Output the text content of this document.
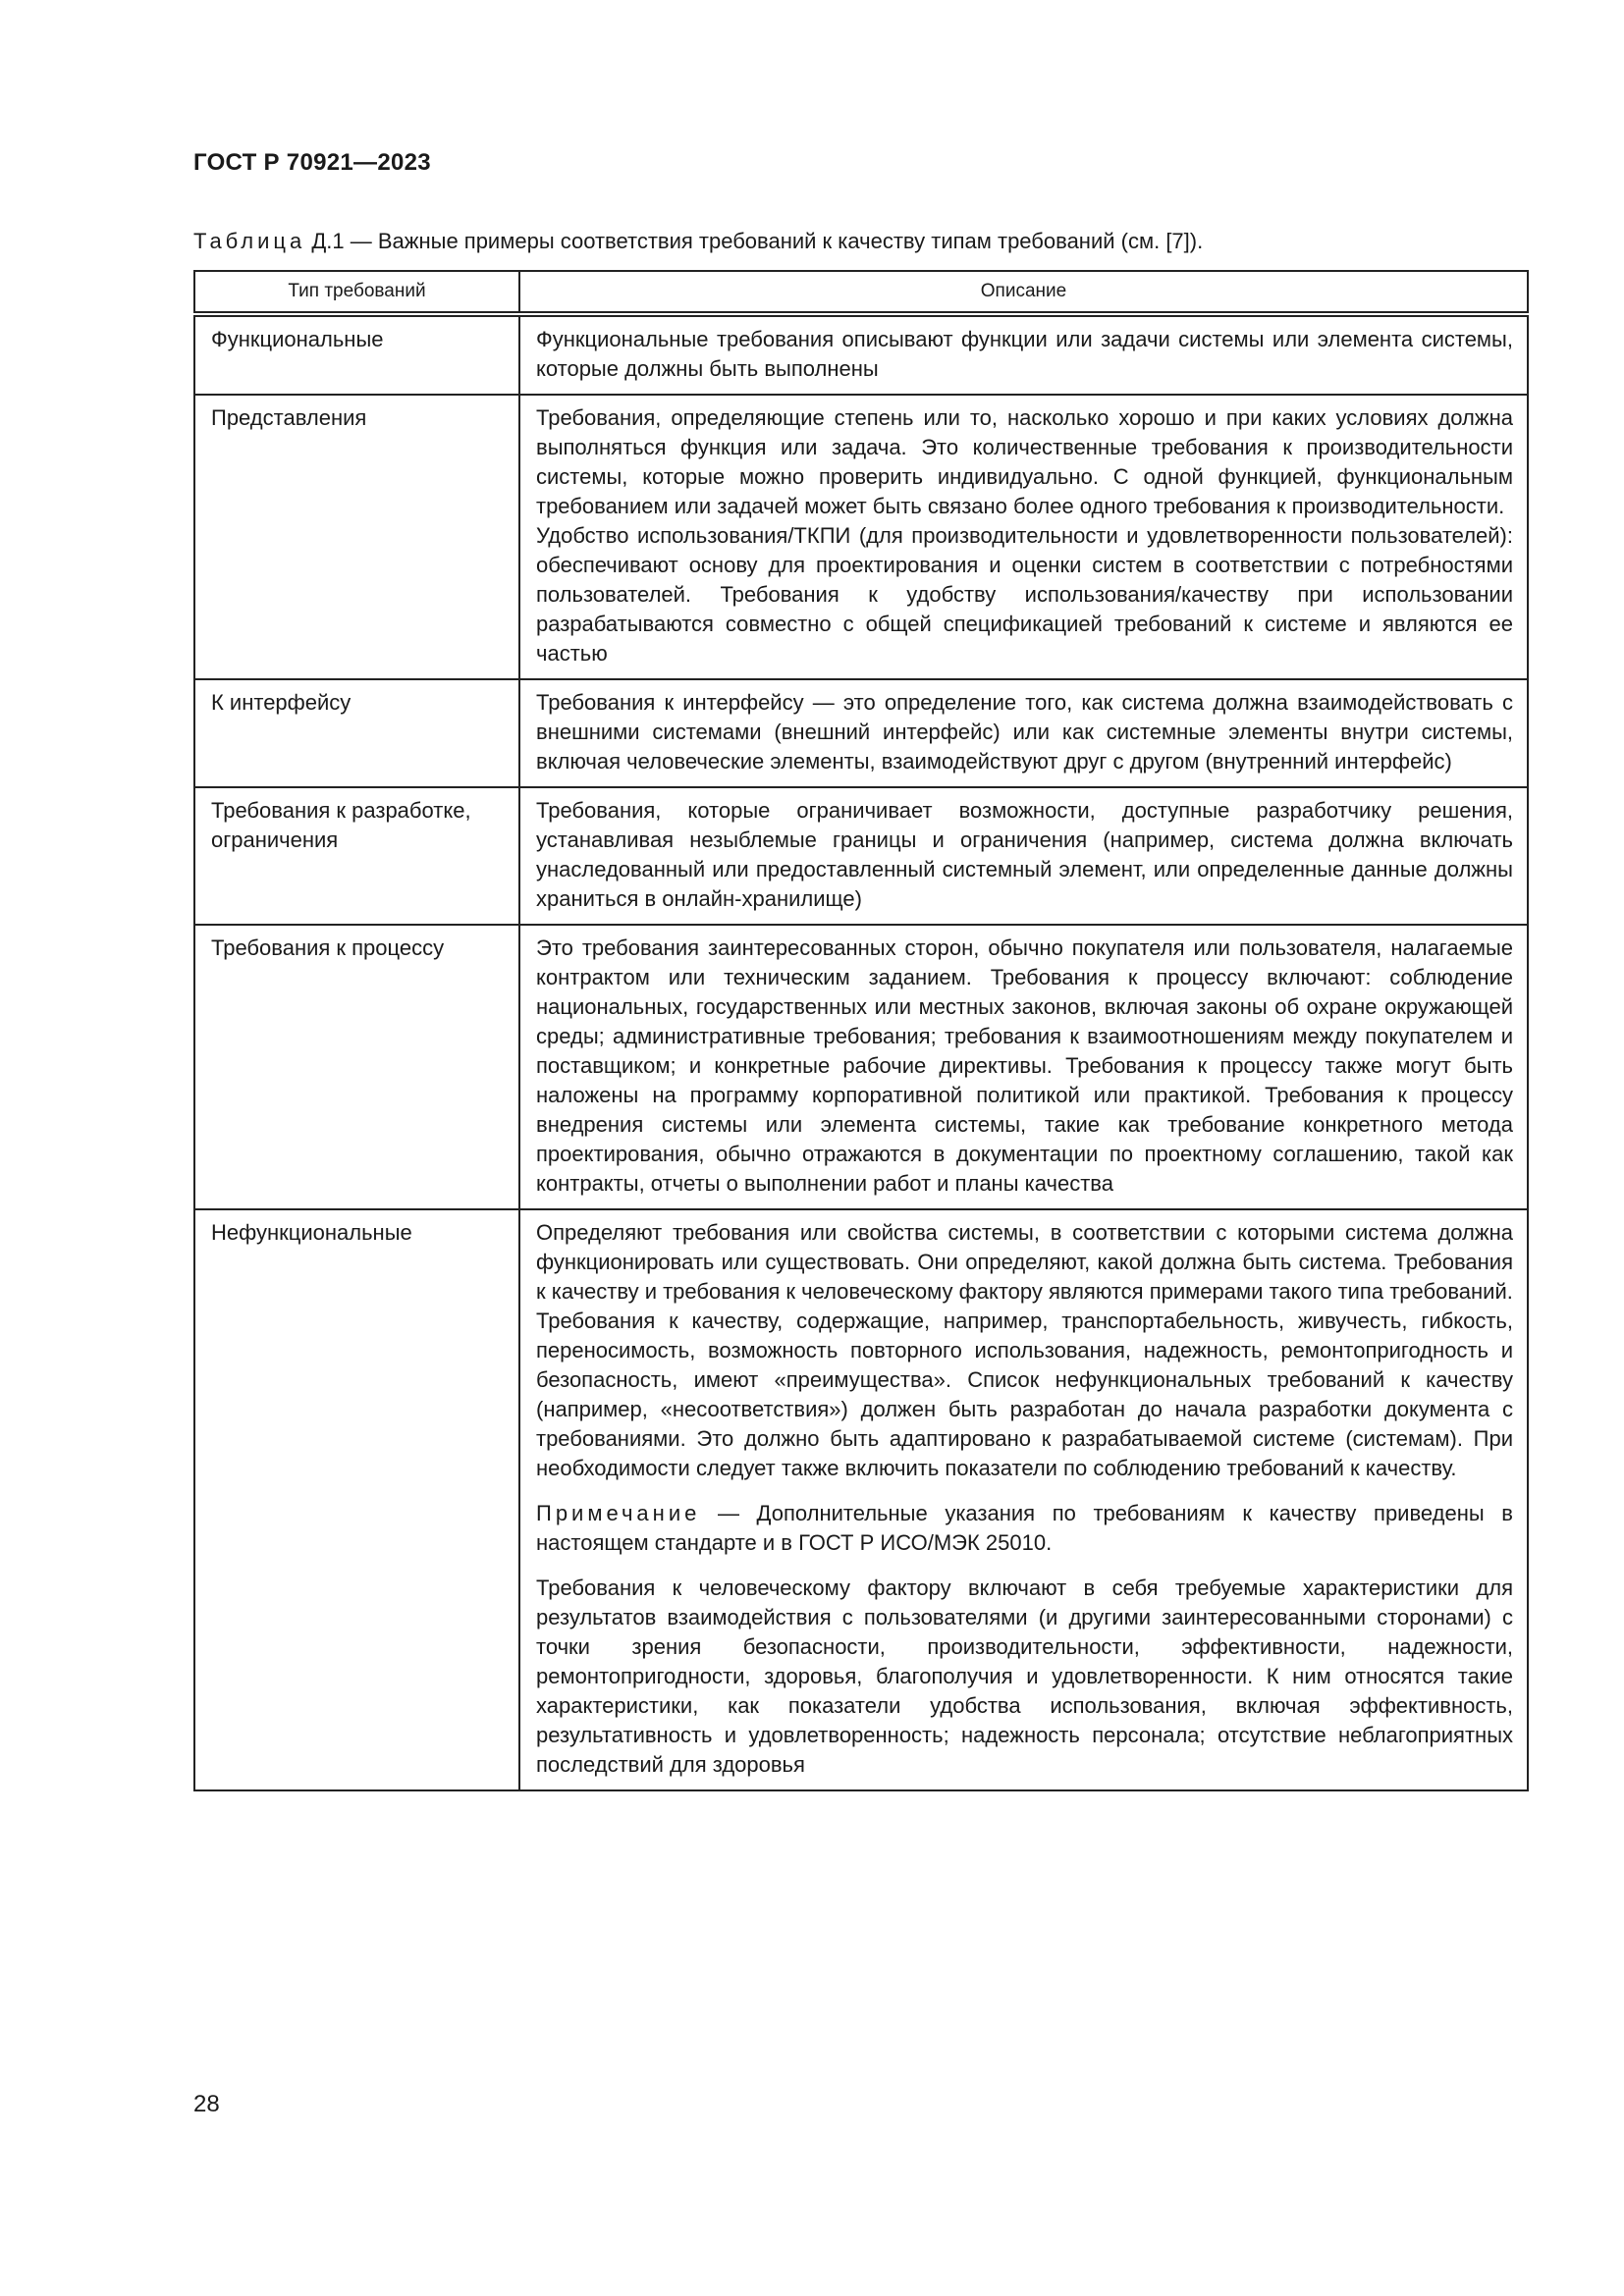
ГОСТ Р 70921—2023
Таблица Д.1 — Важные примеры соответствия требований к качеству типам требований (см. [7]).
Тип требований	Описание
Функциональные	Функциональные требования описывают функции или задачи системы или элемента системы, которые должны быть выполнены

Представления	Требования, определяющие степень или то, насколько хорошо и при каких условиях должна выполняться функция или задача. Это количественные требования к производительности системы, которые можно проверить индивидуально. С одной функцией, функциональным требованием или задачей может быть связано более одного требования к производительности.

Удобство использования/ТКПИ (для производительности и удовлетворенности пользователей): обеспечивают основу для проектирования и оценки систем в соответствии с потребностями пользователей. Требования к удобству использования/качеству при использовании разрабатываются совместно с общей спецификацией требований к системе и являются ее частью

К интерфейсу	Требования к интерфейсу — это определение того, как система должна взаимодействовать с внешними системами (внешний интерфейс) или как системные элементы внутри системы, включая человеческие элементы, взаимодействуют друг с другом (внутренний интерфейс)

Требования к разработке, ограничения	Требования, которые ограничивает возможности, доступные разработчику решения, устанавливая незыблемые границы и ограничения (например, система должна включать унаследованный или предоставленный системный элемент, или определенные данные должны храниться в онлайн-хранилище)

Требования к процессу	Это требования заинтересованных сторон, обычно покупателя или пользователя, налагаемые контрактом или техническим заданием. Требования к процессу включают: соблюдение национальных, государственных или местных законов, включая законы об охране окружающей среды; административные требования; требования к взаимоотношениям между покупателем и поставщиком; и конкретные рабочие директивы. Требования к процессу также могут быть наложены на программу корпоративной политикой или практикой. Требования к процессу внедрения системы или элемента системы, такие как требование конкретного метода проектирования, обычно отражаются в документации по проектному соглашению, такой как контракты, отчеты о выполнении работ и планы качества

Нефункциональные	Определяют требования или свойства системы, в соответствии с которыми система должна функционировать или существовать. Они определяют, какой должна быть система. Требования к качеству и требования к человеческому фактору являются примерами такого типа требований.

Требования к качеству, содержащие, например, транспортабельность, живучесть, гибкость, переносимость, возможность повторного использования, надежность, ремонтопригодность и безопасность, имеют «преимущества». Список нефункциональных требований к качеству (например, «несоответствия») должен быть разработан до начала разработки документа с требованиями. Это должно быть адаптировано к разрабатываемой системе (системам). При необходимости следует также включить показатели по соблюдению требований к качеству.

Примечание — Дополнительные указания по требованиям к качеству приведены в настоящем стандарте и в ГОСТ Р ИСО/МЭК 25010.

Требования к человеческому фактору включают в себя требуемые характеристики для результатов взаимодействия с пользователями (и другими заинтересованными сторонами) с точки зрения безопасности, производительности, эффективности, надежности, ремонтопригодности, здоровья, благополучия и удовлетворенности. К ним относятся такие характеристики, как показатели удобства использования, включая эффективность, результативность и удовлетворенность; надежность персонала; отсутствие неблагоприятных последствий для здоровья

28
